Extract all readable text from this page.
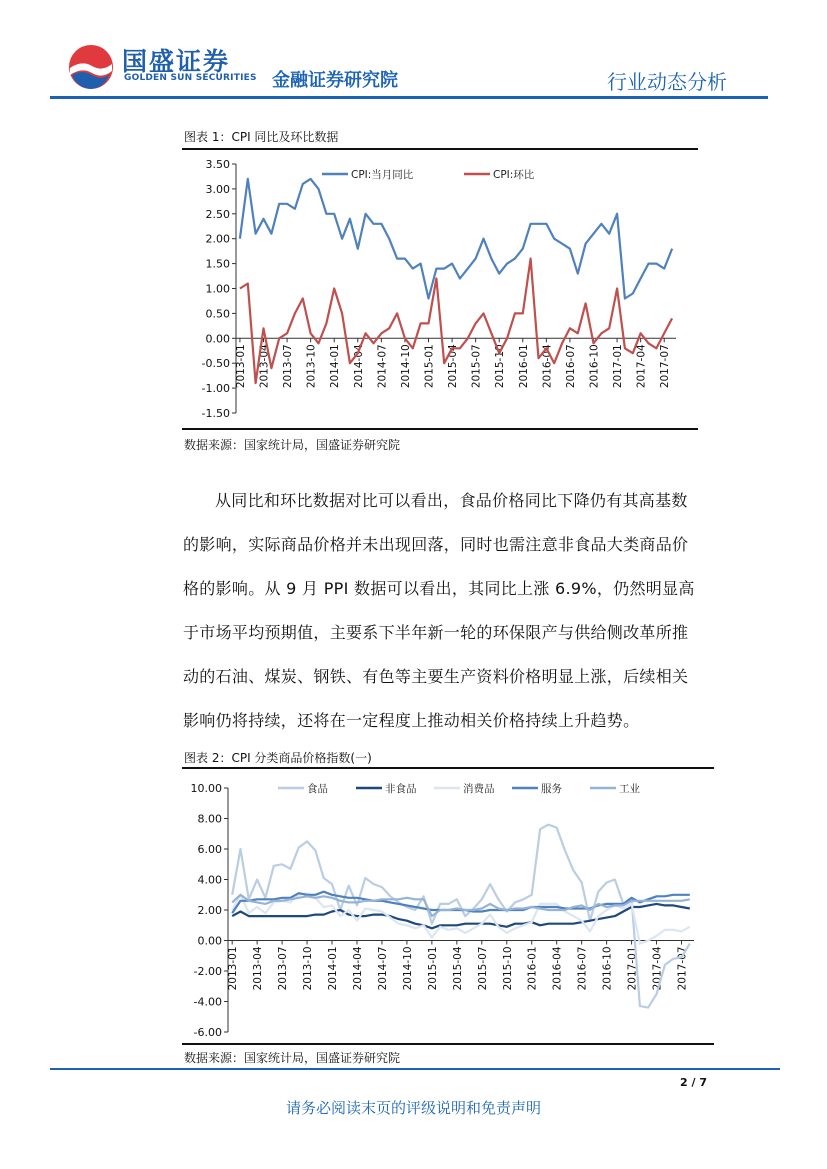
国盛证券
GOLDEN SUN SECURITIES 金融证券研究院	行业动态分析
图表 1：CPI 同比及环比数据
3.50
3.00
2.50
2.00
1.50
1.00
0.50
0.00
-0.50
-1.00
-1.50
2013-01 2013-04 2013-07 2013-10 2014-01 2014-04 2014-07 2014-10 2015-01 2015-04 2015-07 2015-10 2016-01 2016-04 2016-07 2016-10 2017-01 2017-04 2017-07
CPI:当月同比	CPI:环比
数据来源：国家统计局，国盛证券研究院
从同比和环比数据对比可以看出，食品价格同比下降仍有其高基数
的影响，实际商品价格并未出现回落，同时也需注意非食品大类商品价
格的影响。从 9 月 PPI 数据可以看出，其同比上涨 6.9%，仍然明显高
于市场平均预期值，主要系下半年新一轮的环保限产与供给侧改革所推
动的石油、煤炭、钢铁、有色等主要生产资料价格明显上涨，后续相关
影响仍将持续，还将在一定程度上推动相关价格持续上升趋势。
图表 2：CPI 分类商品价格指数(一)
10.00
8.00
6.00
4.00
2.00
0.00
-2.00
-4.00
-6.00
2013-01 2013-04 2013-07 2013-10 2014-01 2014-04 2014-07 2014-10 2015-01 2015-04 2015-07 2015-10 2016-01 2016-04 2016-07 2016-10 2017-01 2017-04 2017-07
食品	非食品	消费品	服务	工业
数据来源：国家统计局，国盛证券研究院
2 / 7
请务必阅读末页的评级说明和免责声明
